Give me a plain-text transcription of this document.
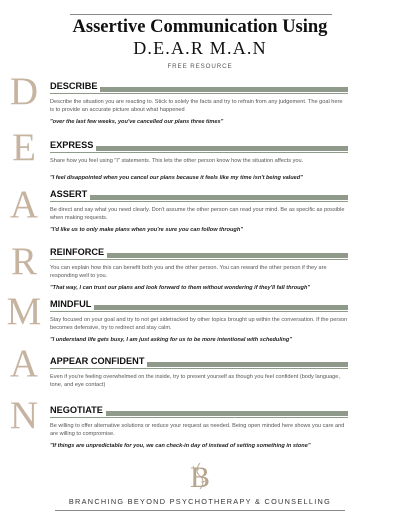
Assertive Communication Using
D.E.A.R M.A.N
FREE RESOURCE
D
E
A
R
M
A
N
DESCRIBE
Describe the situation you are reacting to. Stick to solely the facts and try to refrain from any judgement. The goal here is to provide an accurate picture about what happened
"over the last few weeks, you've cancelled our plans three times"
EXPRESS
Share how you feel using "I" statements. This lets the other person know how the situation affects you.
"I feel disappointed when you cancel our plans because it feels like my time isn't being valued"
ASSERT
Be direct and say what you need clearly. Don't assume the other person can read your mind. Be as specific as possible when making requests.
"I'd like us to only make plans when you're sure you can follow through"
REINFORCE
You can explain how this can benefit both you and the other person. You can reward the other person if they are responding well to you.
"That way, I can trust our plans and look forward to them without wondering if they'll fall through"
MINDFUL
Stay focused on your goal and try to not get sidetracked by other topics brought up within the conversation. If the person becomes defensive, try to redirect and stay calm.
"I understand life gets busy, I am just asking for us to be more intentional with scheduling"
APPEAR CONFIDENT
Even if you're feeling overwhelmed on the inside, try to present yourself as though you feel confident (body language, tone, and eye contact)
NEGOTIATE
Be willing to offer alternative solutions or reduce your request as needed. Being open minded here shows you care and are willing to compromise.
"If things are unpredictable for you, we can check-in day of instead of setting something in stone"
B
BRANCHING BEYOND PSYCHOTHERAPY & COUNSELLING
